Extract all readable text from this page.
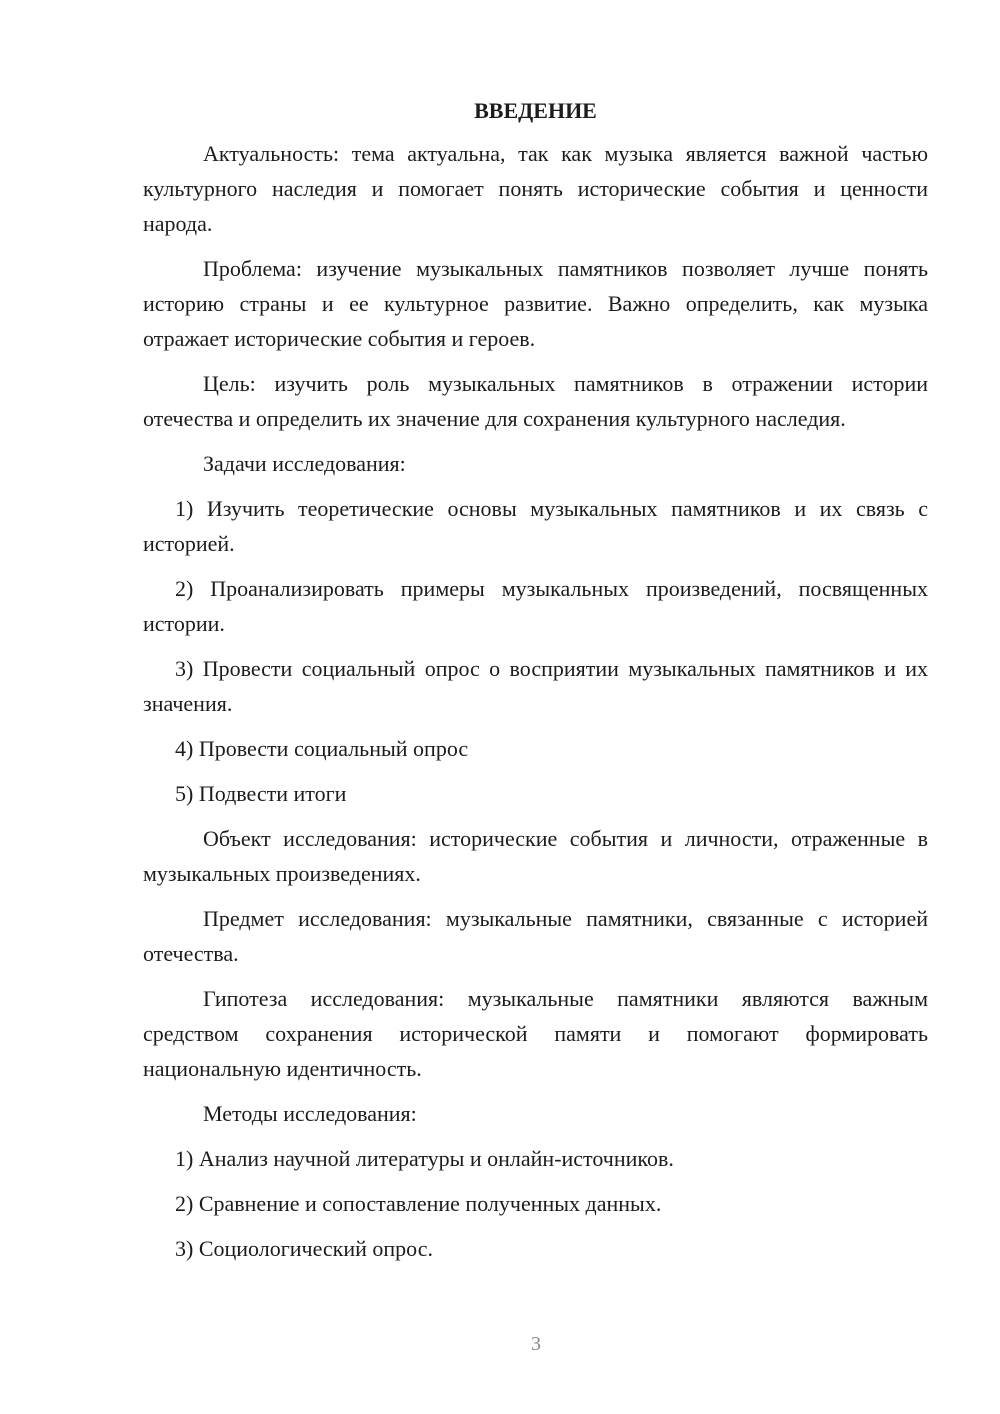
ВВЕДЕНИЕ

Актуальность: тема актуальна, так как музыка является важной частью культурного наследия и помогает понять исторические события и ценности народа.

Проблема: изучение музыкальных памятников позволяет лучше понять историю страны и ее культурное развитие. Важно определить, как музыка отражает исторические события и героев.

Цель: изучить роль музыкальных памятников в отражении истории отечества и определить их значение для сохранения культурного наследия.

Задачи исследования:

1) Изучить теоретические основы музыкальных памятников и их связь с историей.

2) Проанализировать примеры музыкальных произведений, посвященных истории.

3) Провести социальный опрос о восприятии музыкальных памятников и их значения.

4) Провести социальный опрос

5) Подвести итоги

Объект исследования: исторические события и личности, отраженные в музыкальных произведениях.

Предмет исследования: музыкальные памятники, связанные с историей отечества.

Гипотеза исследования: музыкальные памятники являются важным средством сохранения исторической памяти и помогают формировать национальную идентичность.

Методы исследования:

1) Анализ научной литературы и онлайн-источников.

2) Сравнение и сопоставление полученных данных.

3) Социологический опрос.

3
